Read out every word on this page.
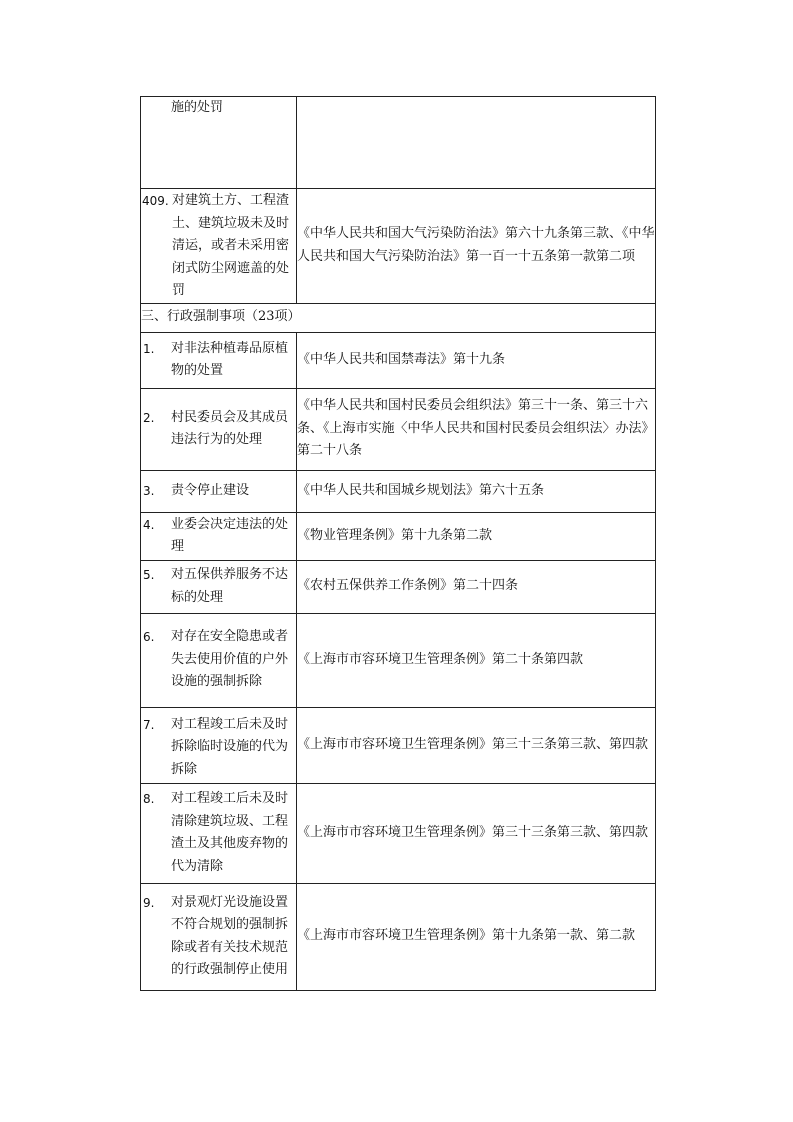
施的处罚	

409. 对建筑土方、工程渣土、建筑垃圾未及时清运，或者未采用密闭式防尘网遮盖的处罚	《中华人民共和国大气污染防治法》第六十九条第三款、《中华人民共和国大气污染防治法》第一百一十五条第一款第二项

三、行政强制事项（23项）	

1. 对非法种植毒品原植物的处置	《中华人民共和国禁毒法》第十九条

2. 村民委员会及其成员违法行为的处理	《中华人民共和国村民委员会组织法》第三十一条、第三十六条、《上海市实施〈中华人民共和国村民委员会组织法〉办法》第二十八条

3. 责令停止建设	《中华人民共和国城乡规划法》第六十五条

4. 业委会决定违法的处理	《物业管理条例》第十九条第二款

5. 对五保供养服务不达标的处理	《农村五保供养工作条例》第二十四条

6. 对存在安全隐患或者失去使用价值的户外设施的强制拆除	《上海市市容环境卫生管理条例》第二十条第四款

7. 对工程竣工后未及时拆除临时设施的代为拆除	《上海市市容环境卫生管理条例》第三十三条第三款、第四款

8. 对工程竣工后未及时清除建筑垃圾、工程渣土及其他废弃物的代为清除	《上海市市容环境卫生管理条例》第三十三条第三款、第四款

9. 对景观灯光设施设置不符合规划的强制拆除或者有关技术规范的行政强制停止使用	《上海市市容环境卫生管理条例》第十九条第一款、第二款
